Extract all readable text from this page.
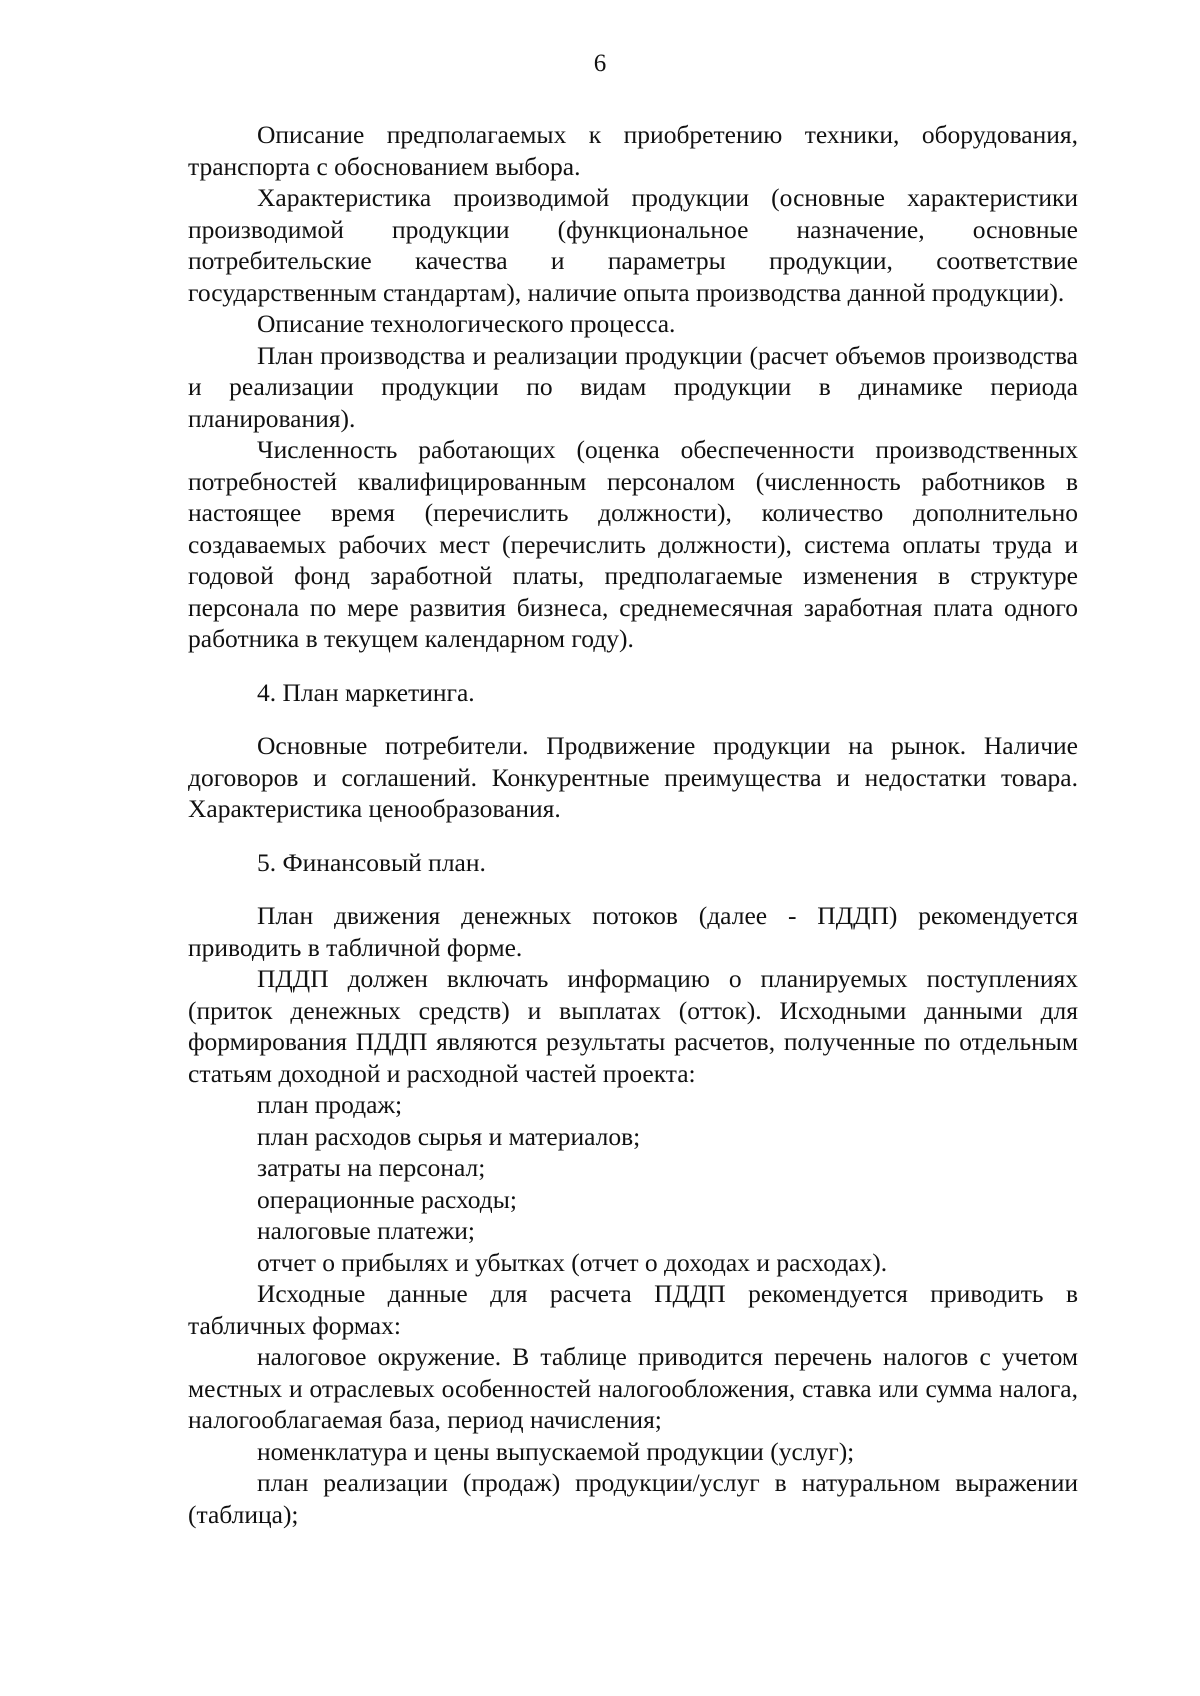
6

Описание предполагаемых к приобретению техники, оборудования, транспорта с обоснованием выбора.

Характеристика производимой продукции (основные характеристики производимой продукции (функциональное назначение, основные потребительские качества и параметры продукции, соответствие государственным стандартам), наличие опыта производства данной продукции).

Описание технологического процесса.

План производства и реализации продукции (расчет объемов производства и реализации продукции по видам продукции в динамике периода планирования).

Численность работающих (оценка обеспеченности производственных потребностей квалифицированным персоналом (численность работников в настоящее время (перечислить должности), количество дополнительно создаваемых рабочих мест (перечислить должности), система оплаты труда и годовой фонд заработной платы, предполагаемые изменения в структуре персонала по мере развития бизнеса, среднемесячная заработная плата одного работника в текущем календарном году).

4. План маркетинга.

Основные потребители. Продвижение продукции на рынок. Наличие договоров и соглашений. Конкурентные преимущества и недостатки товара. Характеристика ценообразования.

5. Финансовый план.

План движения денежных потоков (далее - ПДДП) рекомендуется приводить в табличной форме.

ПДДП должен включать информацию о планируемых поступлениях (приток денежных средств) и выплатах (отток). Исходными данными для формирования ПДДП являются результаты расчетов, полученные по отдельным статьям доходной и расходной частей проекта:

план продаж;
план расходов сырья и материалов;
затраты на персонал;
операционные расходы;
налоговые платежи;
отчет о прибылях и убытках (отчет о доходах и расходах).

Исходные данные для расчета ПДДП рекомендуется приводить в табличных формах:

налоговое окружение. В таблице приводится перечень налогов с учетом местных и отраслевых особенностей налогообложения, ставка или сумма налога, налогооблагаемая база, период начисления;

номенклатура и цены выпускаемой продукции (услуг);

план реализации (продаж) продукции/услуг в натуральном выражении (таблица);
